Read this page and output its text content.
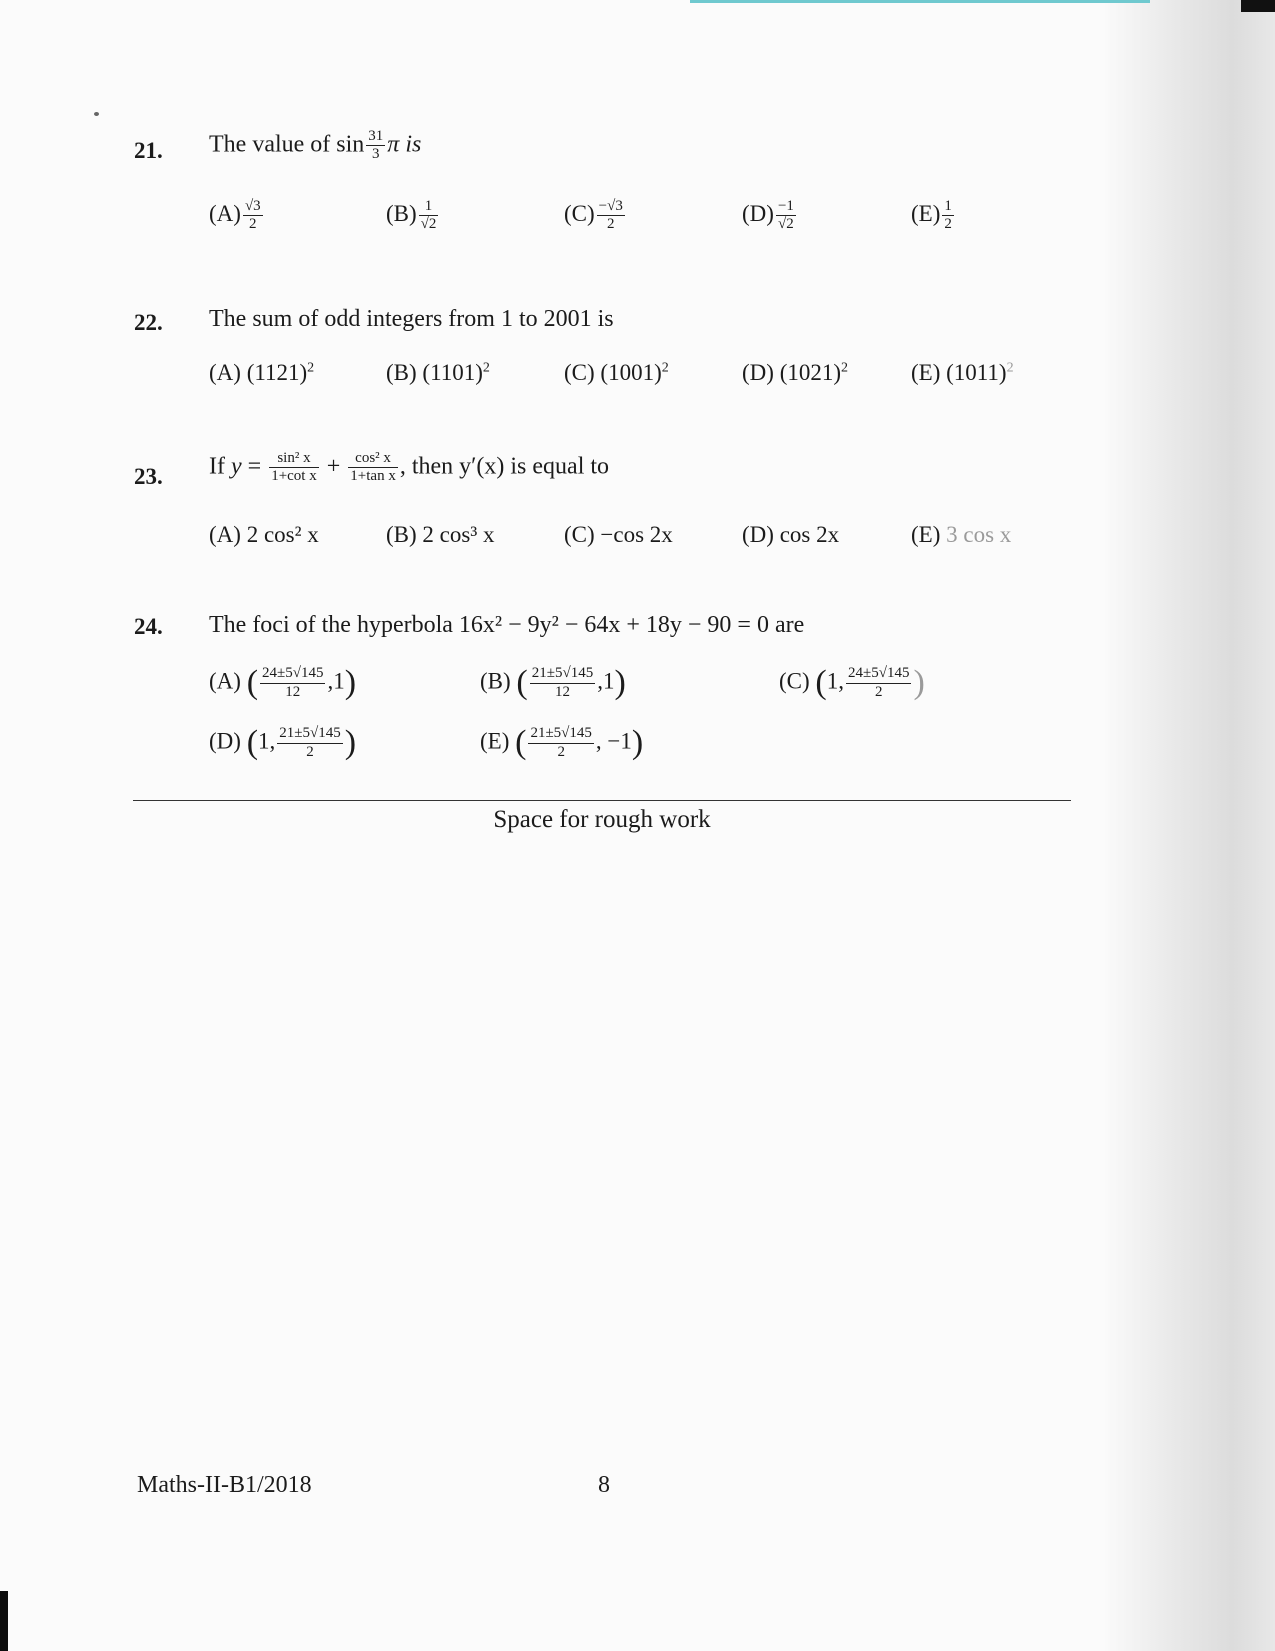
21. The value of $\sin \frac{31}{3}$ π is
$(A) \frac{√3}{2}$	$(B) \frac{1}{√2}$	$(C) \frac{-√3}{2}$	$(D) \frac{-1}{√2}$	$(E) \frac{1}{2}$
22. The sum of odd integers from 1 to 2001 is
(A) $(1121)^2$	(B) $(1101)^2$	(C) $(1001)^2$	(D) $(1021)^2$	(E) $(1011)^2$
23. If $y = \frac{\text{sin² x}}{\text{1+cot x}} + \frac{\text{cos² x}}{\text{1+tan x}}$ , then y′(x) is equal to
(A) 2 cos² x	(B) 2 cos³ x	(C) −cos 2x	(D) cos 2x	(E) 3 cos x
24. The foci of the hyperbola 16x² − 9y² − 64x + 18y − 90 = 0 are
(A) ( $\frac{24\pm 5√145}{12} ,1$)	(B) ( $\frac{21\pm 5√145}{12} ,1$)	(C) (1, $\frac{24\pm 5√145}{2}$ )
(D) (1, $\frac{21\pm 5√145}{2}$ )	(E) ( $\frac{21\pm 5√145}{2}$ , −1)
Space for rough work
Maths-II-B1/2018	8
